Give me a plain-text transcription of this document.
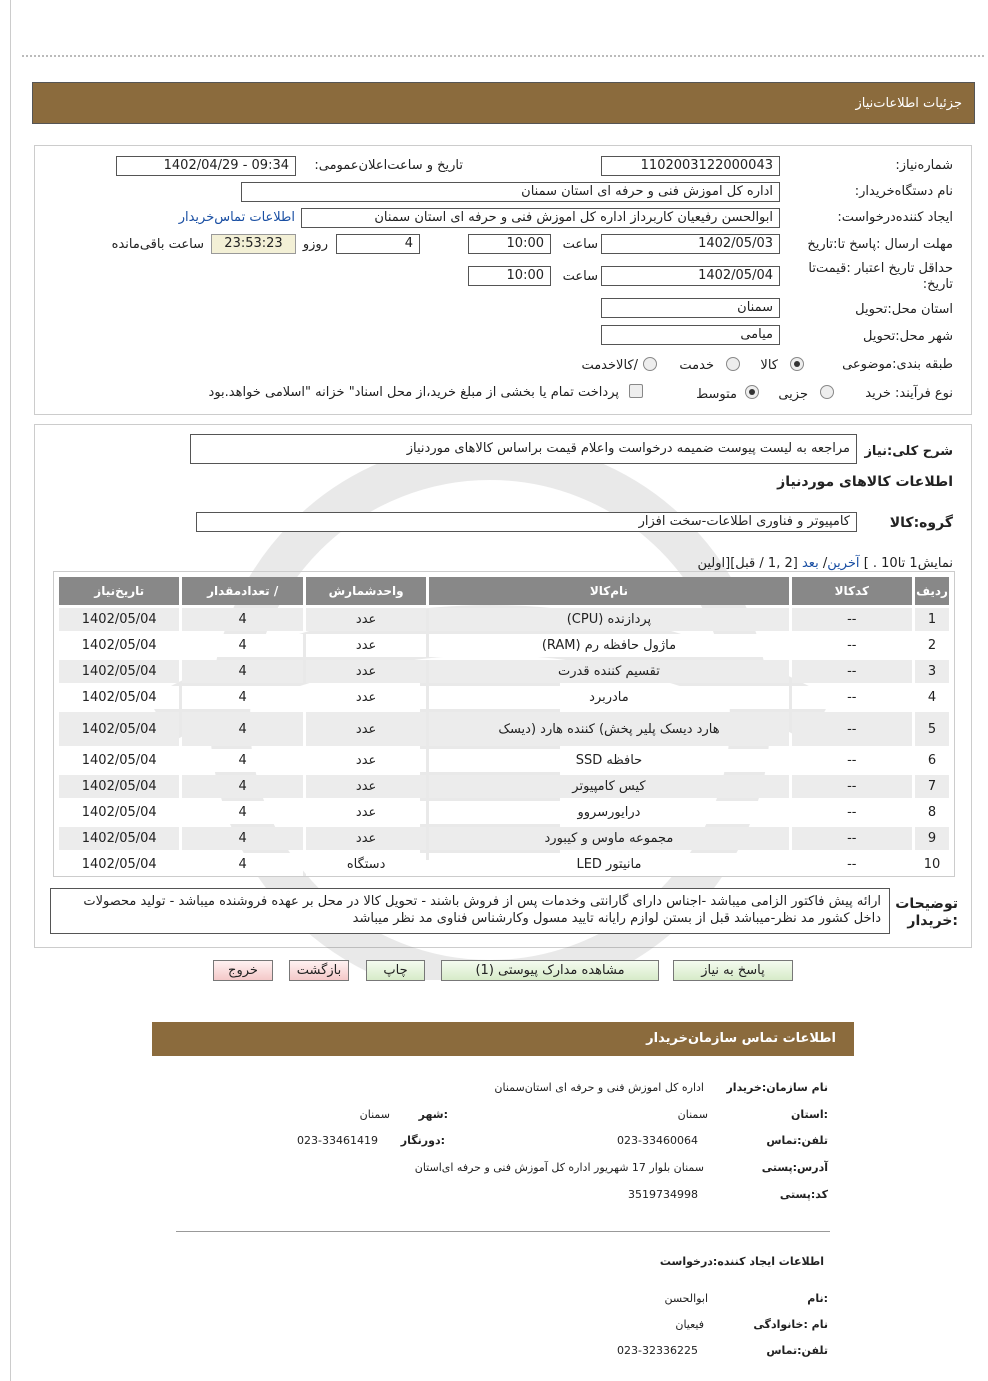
جزئیات اطلاعات‌نیاز
شماره‌نیاز:
1102003122000043
تاریخ و ساعت‌اعلان‌عمومی:
1402/04/29 - 09:34
نام دستگاه‌خریدار:
اداره کل اموزش فنی و حرفه ای استان سمنان
ایجاد کننده‌درخواست:
ابوالحسن رفیعیان کاربرداز اداره کل اموزش فنی و حرفه ای استان سمنان
اطلاعات تماس‌خریدار
مهلت ارسال :پاسخ تا:تاریخ
1402/05/03
ساعت
10:00
4
روزو
23:53:23
ساعت باقی‌مانده
حداقل تاریخ اعتبار :قیمت‌تا تاریخ:
1402/05/04
ساعت
10:00
استان محل:تحویل
سمنان
شهر محل:تحویل
میامی
طبقه بندی:موضوعی
کالا
خدمت
/کالا‌خدمت
نوع فرآیند: خرید
جزیی
متوسط
پرداخت تمام یا بخشی از مبلغ خرید،از محل اسناد" خزانه "اسلامی خواهد.بود
شرح کلی:نیاز
مراجعه به لیست پیوست ضمیمه درخواست واعلام قیمت براساس کالاهای موردنیاز
اطلاعات کالاهای موردنیاز
گروه:کالا
کامپیوتر و فناوری اطلاعات-سخت افزار
نمایش1 تا10 . ] آخرین/ بعد [2 ,1 / قبل][اولین
ردیف	کدکالا	نام‌کالا	واحدشمارش	/ تعدادمقدار	تاریخ‌نیاز
1	--	پردازنده (CPU)	عدد	4	1402/05/04
2	--	ماژول حافظه رم (RAM)	عدد	4	1402/05/04
3	--	تقسیم کننده قدرت	عدد	4	1402/05/04
4	--	مادربرد	عدد	4	1402/05/04
5	--	هارد دیسک پلیر پخش) کننده هارد (دیسک	عدد	4	1402/05/04
6	--	حافظه SSD	عدد	4	1402/05/04
7	--	کیس کامپیوتر	عدد	4	1402/05/04
8	--	درایورسروو	عدد	4	1402/05/04
9	--	مجموعه ماوس و کیبورد	عدد	4	1402/05/04
10	--	مانیتور LED	دستگاه	4	1402/05/04
توضیحات :خریدار
ارائه پیش فاکتور الزامی میباشد -اجناس دارای گارانتی وخدمات پس از فروش باشند - تحویل کالا در محل بر عهده فروشنده میباشد - تولید محصولات داخل کشور مد نظر-میباشد قبل از بستن لوازم رایانه تایید مسول وکارشناس فناوی مد نظر میباشد
پاسخ به نیاز
مشاهده مدارک پیوستی (1)
چاپ
بازگشت
خروج
اطلاعات تماس سازمان‌خریدار
نام سازمان:خریدار
اداره کل اموزش فنی و حرفه ای استان‌سمنان
:استان
سمنان
:شهر
سمنان
تلفن:تماس
023-33460064
:دورنگار
023-33461419
آدرس:پستی
سمنان بلوار 17 شهریور اداره کل آموزش فنی و حرفه ای‌استان
کد:پستی
3519734998
اطلاعات ایجاد کننده:درخواست
:نام
ابوالحسن
نام :خانوادگی
فیعیان
تلفن:تماس
023-32336225
